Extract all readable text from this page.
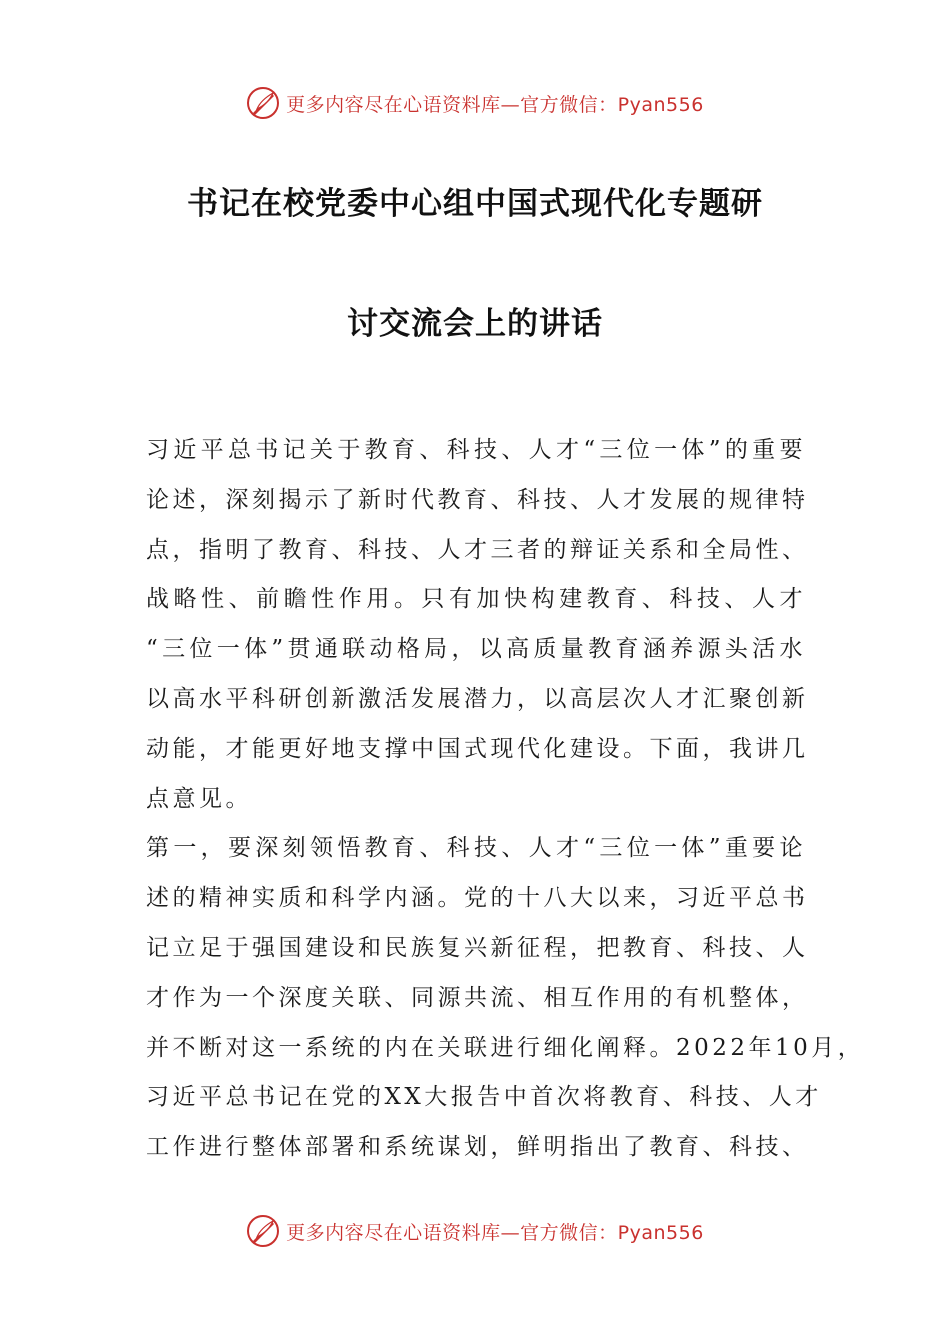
更多内容尽在心语资料库—官方微信：Pyan556
书记在校党委中心组中国式现代化专题研
讨交流会上的讲话
习近平总书记关于教育、科技、人才“三位一体”的重要
论述，深刻揭示了新时代教育、科技、人才发展的规律特
点，指明了教育、科技、人才三者的辩证关系和全局性、
战略性、前瞻性作用。只有加快构建教育、科技、人才
“三位一体”贯通联动格局，以高质量教育涵养源头活水
以高水平科研创新激活发展潜力，以高层次人才汇聚创新
动能，才能更好地支撑中国式现代化建设。下面，我讲几
点意见。
第一，要深刻领悟教育、科技、人才“三位一体”重要论
述的精神实质和科学内涵。党的十八大以来，习近平总书
记立足于强国建设和民族复兴新征程，把教育、科技、人
才作为一个深度关联、同源共流、相互作用的有机整体，
并不断对这一系统的内在关联进行细化阐释。2022年10月，
习近平总书记在党的XX大报告中首次将教育、科技、人才
工作进行整体部署和系统谋划，鲜明指出了教育、科技、
更多内容尽在心语资料库—官方微信：Pyan556
